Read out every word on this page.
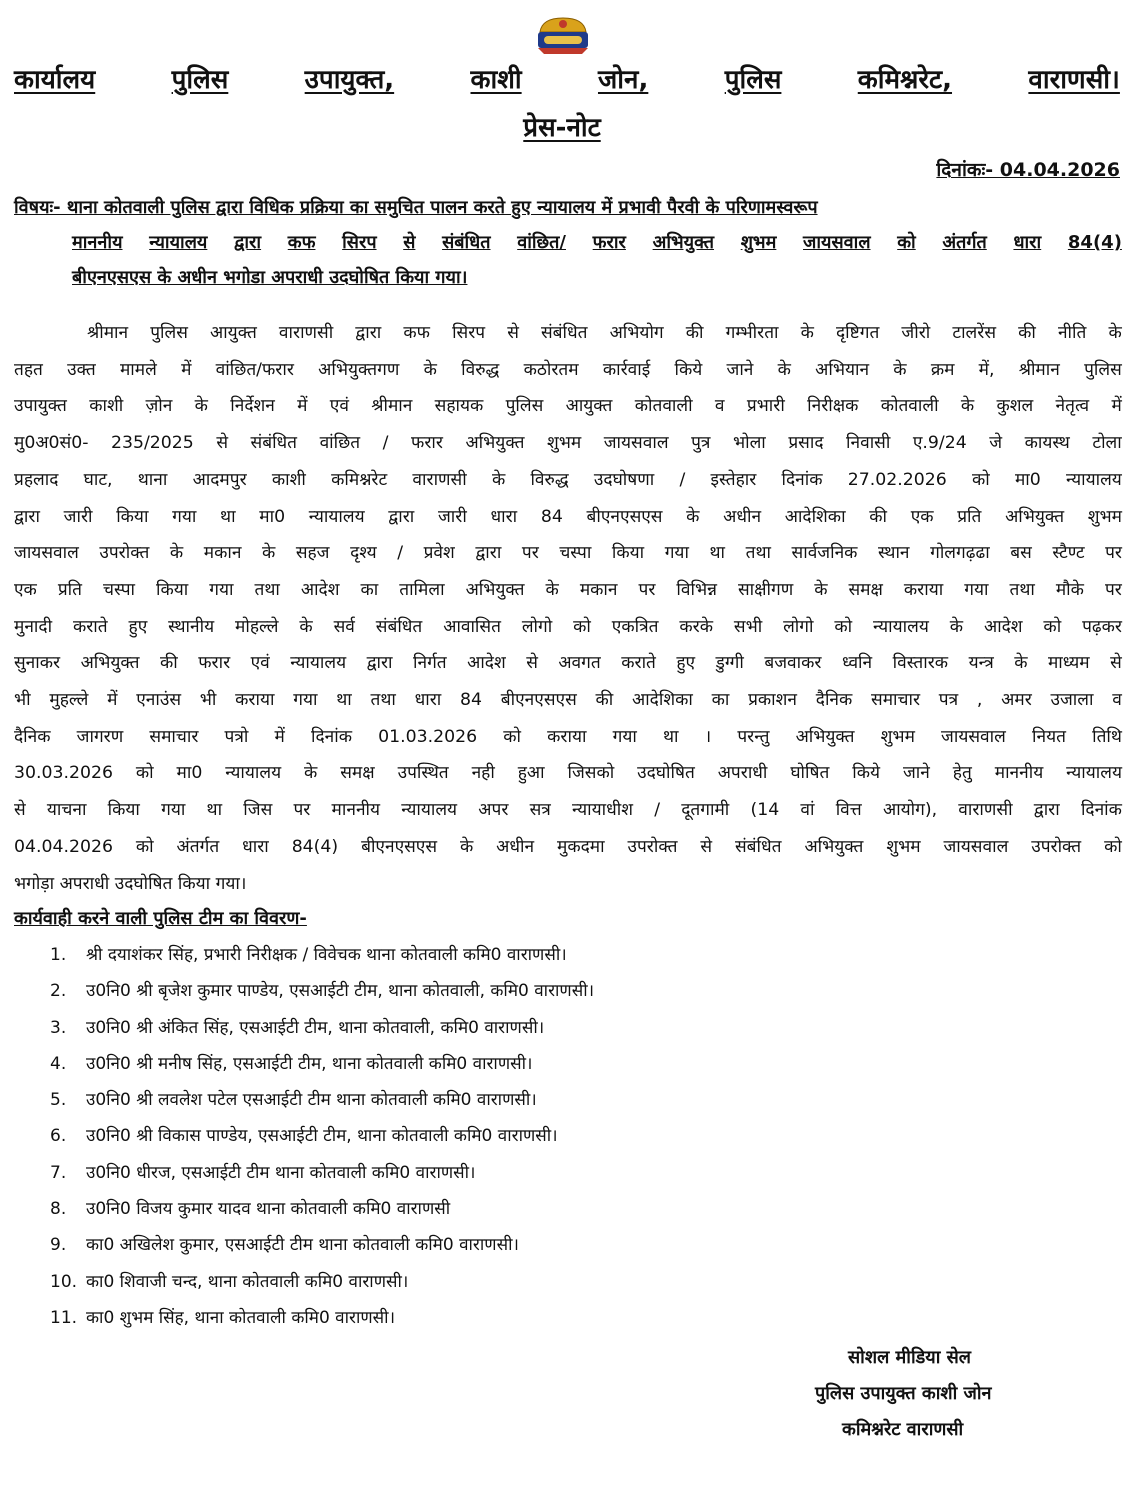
कार्यालय	पुलिस	उपायुक्त,	काशी	जोन,	पुलिस	कमिश्नरेट,	वाराणसी।
प्रेस-नोट
दिनांकः- 04.04.2026
विषयः- थाना कोतवाली पुलिस द्वारा विधिक प्रक्रिया का समुचित पालन करते हुए न्यायालय में प्रभावी पैरवी के परिणामस्वरूप
माननीय न्यायालय द्वारा कफ सिरप से संबंधित वांछित/ फरार अभियुक्त शुभम जायसवाल को अंतर्गत धारा 84(4)
बीएनएसएस के अधीन भगोडा अपराधी उदघोषित किया गया।
श्रीमान पुलिस आयुक्त वाराणसी द्वारा कफ सिरप से संबंधित अभियोग की गम्भीरता के दृष्टिगत जीरो टालरेंस की नीति के
तहत उक्त मामले में वांछित/फरार अभियुक्तगण के विरुद्ध कठोरतम कार्रवाई किये जाने के अभियान के क्रम में, श्रीमान पुलिस
उपायुक्त काशी ज़ोन के निर्देशन में एवं श्रीमान सहायक पुलिस आयुक्त कोतवाली व प्रभारी निरीक्षक कोतवाली के कुशल नेतृत्व में
मु0अ0सं0- 235/2025 से संबंधित वांछित / फरार अभियुक्त शुभम जायसवाल पुत्र भोला प्रसाद निवासी ए.9/24 जे कायस्थ टोला
प्रहलाद घाट, थाना आदमपुर काशी कमिश्नरेट वाराणसी के विरुद्ध उदघोषणा / इस्तेहार दिनांक 27.02.2026 को मा0 न्यायालय
द्वारा जारी किया गया था मा0 न्यायालय द्वारा जारी धारा 84 बीएनएसएस के अधीन आदेशिका की एक प्रति अभियुक्त शुभम
जायसवाल उपरोक्त के मकान के सहज दृश्य / प्रवेश द्वारा पर चस्पा किया गया था तथा सार्वजनिक स्थान गोलगढ़ढा बस स्टैण्ट पर
एक प्रति चस्पा किया गया तथा आदेश का तामिला अभियुक्त के मकान पर विभिन्न साक्षीगण के समक्ष कराया गया तथा मौके पर
मुनादी कराते हुए स्थानीय मोहल्ले के सर्व संबंधित आवासित लोगो को एकत्रित करके सभी लोगो को न्यायालय के आदेश को पढ़कर
सुनाकर अभियुक्त की फरार एवं न्यायालय द्वारा निर्गत आदेश से अवगत कराते हुए डुग्गी बजवाकर ध्वनि विस्तारक यन्त्र के माध्यम से
भी मुहल्ले में एनाउंस भी कराया गया था तथा धारा 84 बीएनएसएस की आदेशिका का प्रकाशन दैनिक समाचार पत्र , अमर उजाला व
दैनिक जागरण समाचार पत्रो में दिनांक 01.03.2026 को कराया गया था । परन्तु अभियुक्त शुभम जायसवाल नियत तिथि
30.03.2026 को मा0 न्यायालय के समक्ष उपस्थित नही हुआ जिसको उदघोषित अपराधी घोषित किये जाने हेतु माननीय न्यायालय
से याचना किया गया था जिस पर माननीय न्यायालय अपर सत्र न्यायाधीश / दूतगामी (14 वां वित्त आयोग), वाराणसी द्वारा दिनांक
04.04.2026 को अंतर्गत धारा 84(4) बीएनएसएस के अधीन मुकदमा उपरोक्त से संबंधित अभियुक्त शुभम जायसवाल उपरोक्त को
भगोड़ा अपराधी उदघोषित किया गया।
कार्यवाही करने वाली पुलिस टीम का विवरण-
1.	श्री दयाशंकर सिंह, प्रभारी निरीक्षक / विवेचक थाना कोतवाली कमि0 वाराणसी।
2.	उ0नि0 श्री बृजेश कुमार पाण्डेय, एसआईटी टीम, थाना कोतवाली, कमि0 वाराणसी।
3.	उ0नि0 श्री अंकित सिंह, एसआईटी टीम, थाना कोतवाली, कमि0 वाराणसी।
4.	उ0नि0 श्री मनीष सिंह, एसआईटी टीम, थाना कोतवाली कमि0 वाराणसी।
5.	उ0नि0 श्री लवलेश पटेल एसआईटी टीम थाना कोतवाली कमि0 वाराणसी।
6.	उ0नि0 श्री विकास पाण्डेय, एसआईटी टीम, थाना कोतवाली कमि0 वाराणसी।
7.	उ0नि0 धीरज, एसआईटी टीम थाना कोतवाली कमि0 वाराणसी।
8.	उ0नि0 विजय कुमार यादव थाना कोतवाली कमि0 वाराणसी
9.	का0 अखिलेश कुमार, एसआईटी टीम थाना कोतवाली कमि0 वाराणसी।
10. का0 शिवाजी चन्द, थाना कोतवाली कमि0 वाराणसी।
11. का0 शुभम सिंह, थाना कोतवाली कमि0 वाराणसी।
सोशल मीडिया सेल
पुलिस उपायुक्त काशी जोन
कमिश्नरेट वाराणसी
